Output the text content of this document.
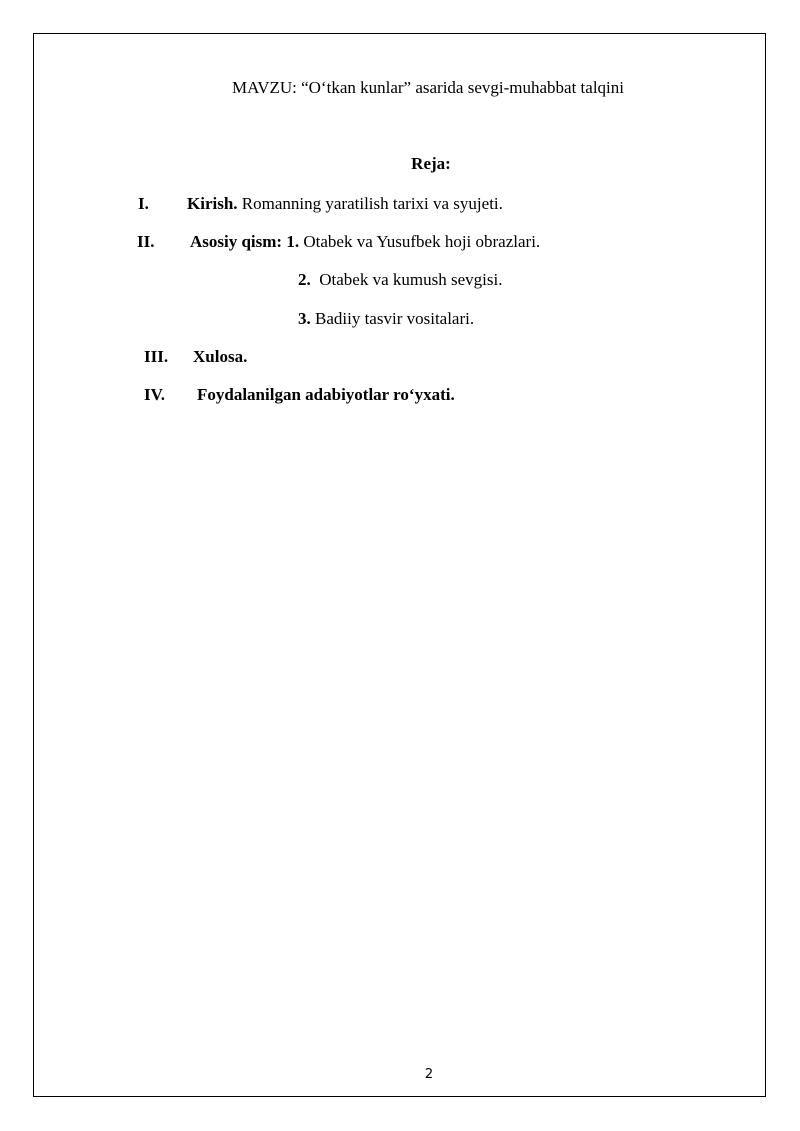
MAVZU: “O‘tkan kunlar” asarida sevgi-muhabbat talqini
Reja:
I. Kirish. Romanning yaratilish tarixi va syujeti.
II. Asosiy qism: 1. Otabek va Yusufbek hoji obrazlari.
2.  Otabek va kumush sevgisi.
3. Badiiy tasvir vositalari.
III. Xulosa.
IV. Foydalanilgan adabiyotlar ro‘yxati.
2
